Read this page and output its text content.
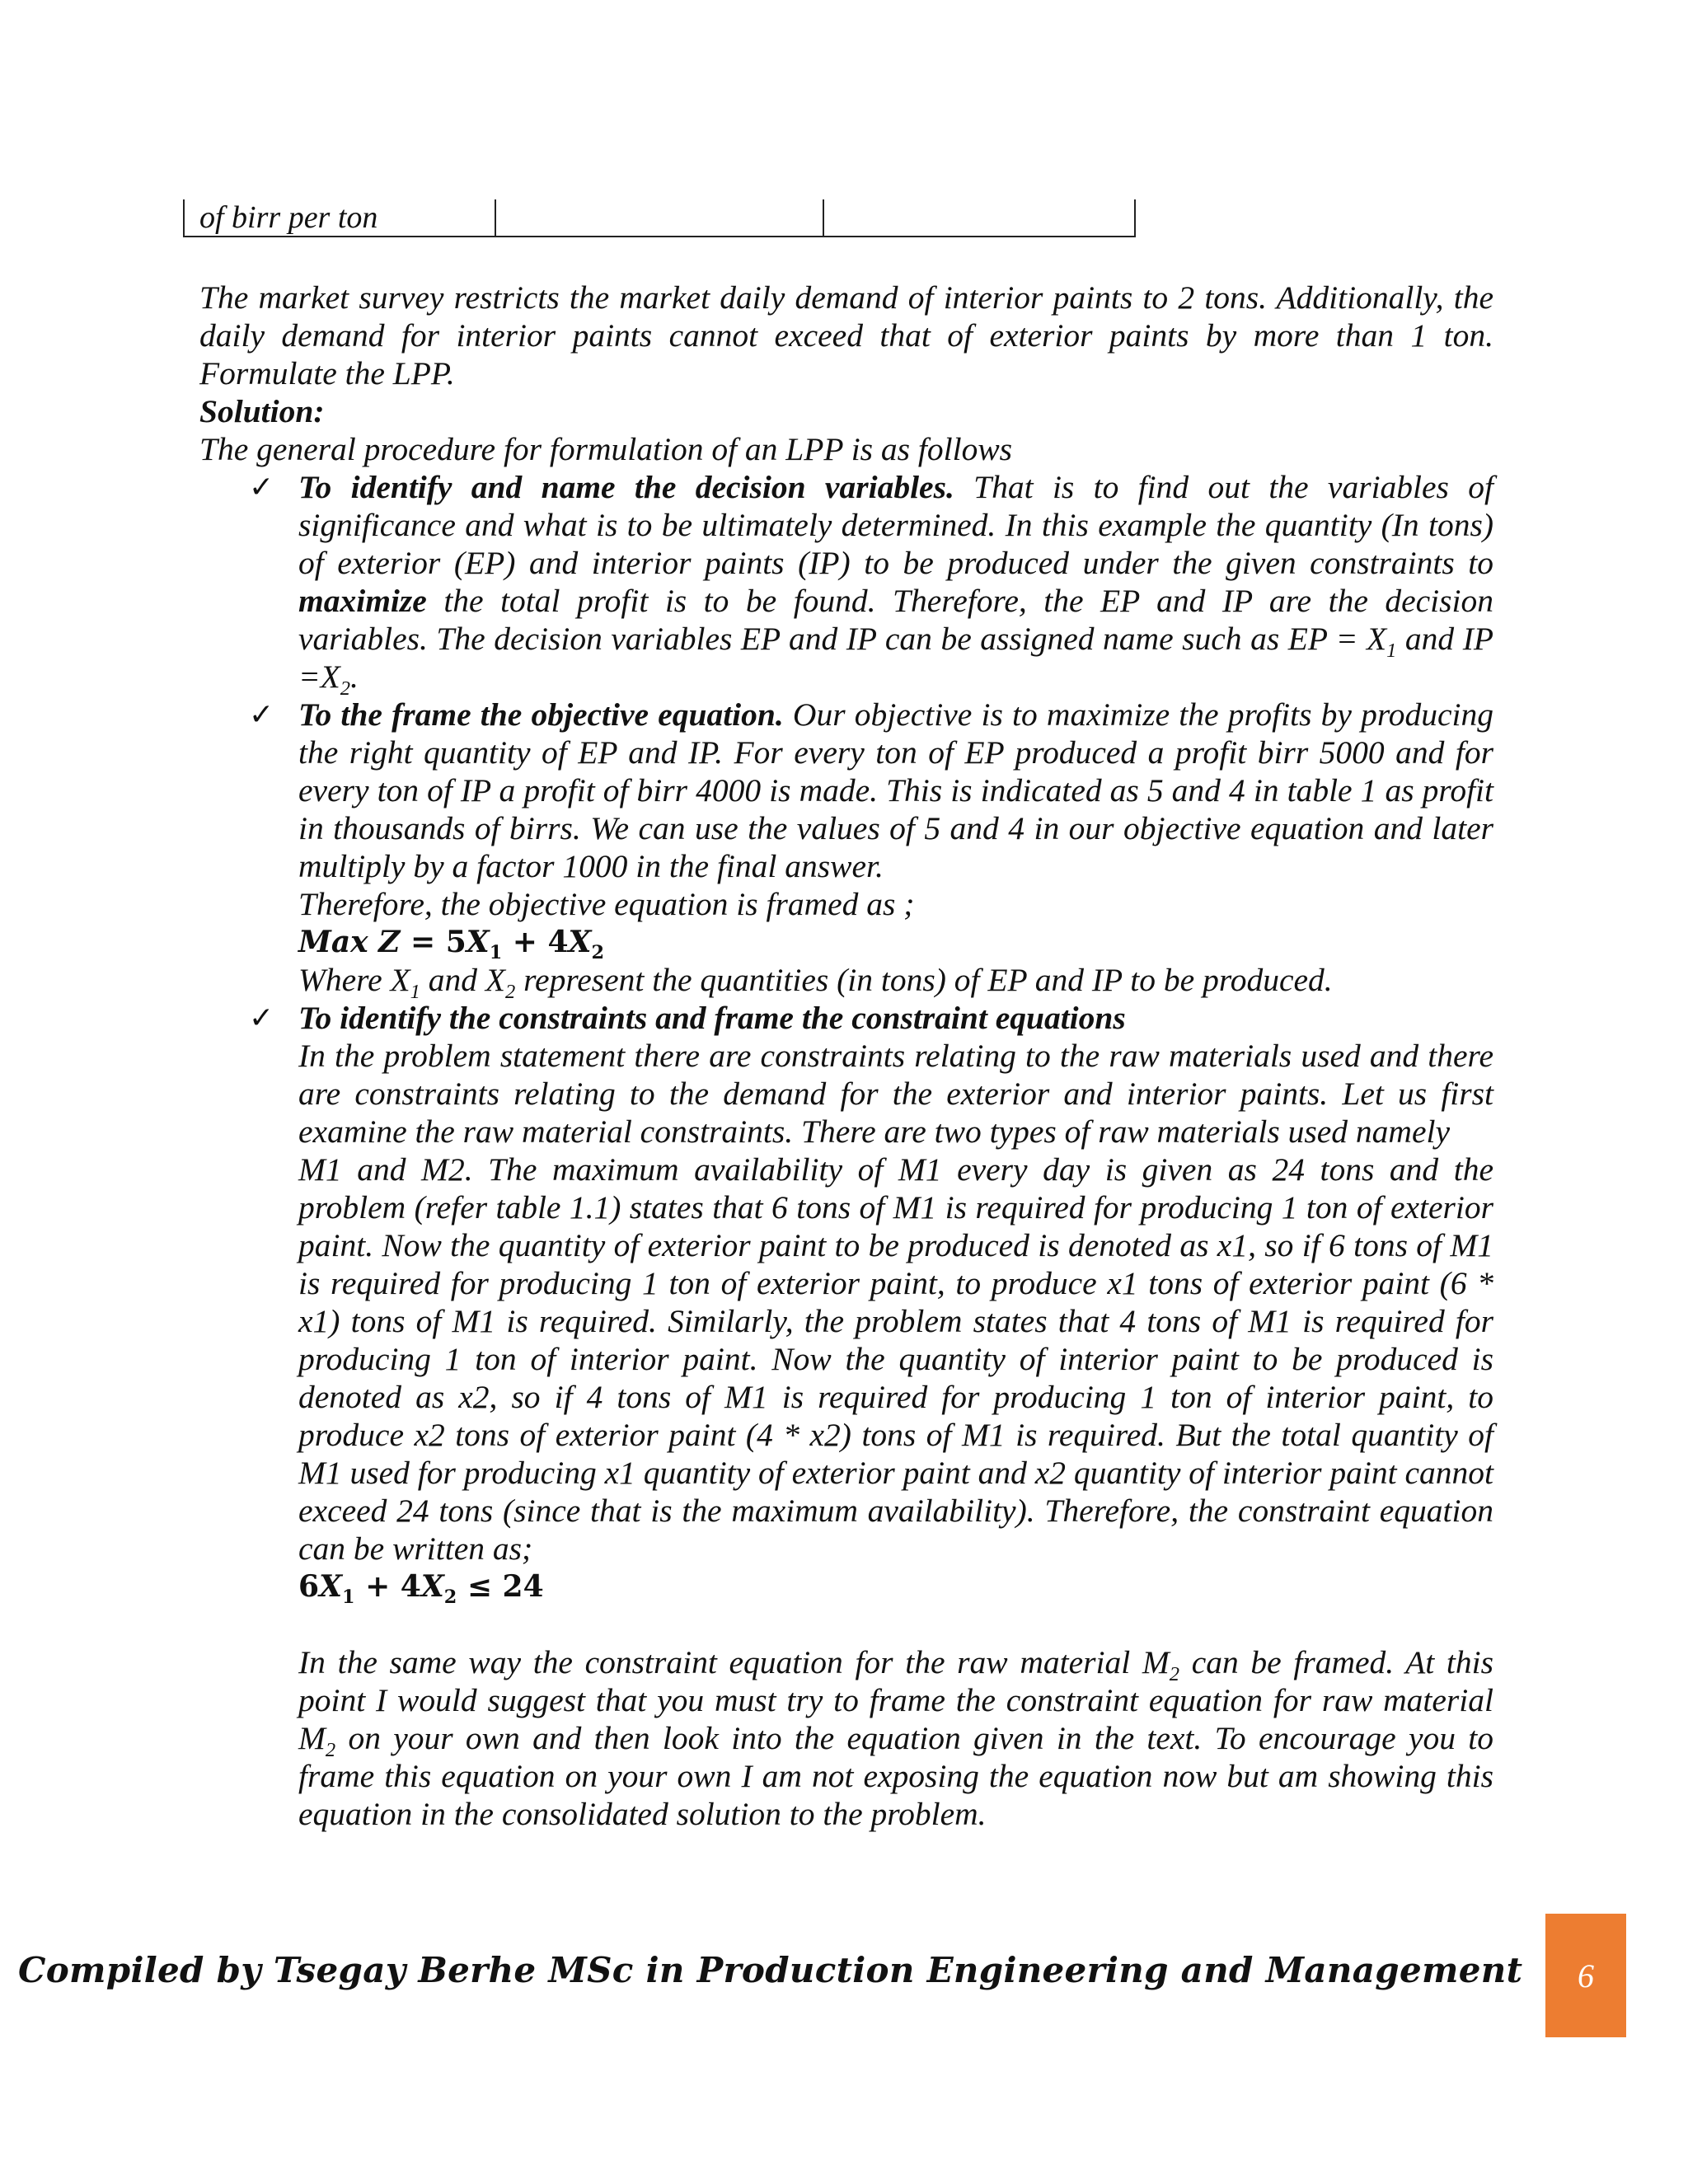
of birr per ton		

The market survey restricts the market daily demand of interior paints to 2 tons. Additionally, the daily demand for interior paints cannot exceed that of exterior paints by more than 1 ton. Formulate the LPP.

Solution:

The general procedure for formulation of an LPP is as follows

✓ To identify and name the decision variables. That is to find out the variables of significance and what is to be ultimately determined. In this example the quantity (In tons) of exterior (EP) and interior paints (IP) to be produced under the given constraints to maximize the total profit is to be found. Therefore, the EP and IP are the decision variables. The decision variables EP and IP can be assigned name such as EP = $X_1$ and IP $=X_2$.

✓ To the frame the objective equation. Our objective is to maximize the profits by producing the right quantity of EP and IP. For every ton of EP produced a profit birr 5000 and for every ton of IP a profit of birr 4000 is made. This is indicated as 5 and 4 in table 1 as profit in thousands of birrs. We can use the values of 5 and 4 in our objective equation and later multiply by a factor 1000 in the final answer.

Therefore, the objective equation is framed as ;

Max $Z = 5X_1 + 4X_2$

Where $X_1$ and $X_2$ represent the quantities (in tons) of EP and IP to be produced.

✓ To identify the constraints and frame the constraint equations

In the problem statement there are constraints relating to the raw materials used and there are constraints relating to the demand for the exterior and interior paints. Let us first examine the raw material constraints. There are two types of raw materials used namely

M1 and M2. The maximum availability of M1 every day is given as 24 tons and the problem (refer table 1.1) states that 6 tons of M1 is required for producing 1 ton of exterior paint. Now the quantity of exterior paint to be produced is denoted as x1, so if 6 tons of M1 is required for producing 1 ton of exterior paint, to produce x1 tons of exterior paint (6 * x1) tons of M1 is required. Similarly, the problem states that 4 tons of M1 is required for producing 1 ton of interior paint. Now the quantity of interior paint to be produced is denoted as x2, so if 4 tons of M1 is required for producing 1 ton of interior paint, to produce x2 tons of exterior paint (4 * x2) tons of M1 is required. But the total quantity of M1 used for producing x1 quantity of exterior paint and x2 quantity of interior paint cannot exceed 24 tons (since that is the maximum availability). Therefore, the constraint equation can be written as;

$6X_1 + 4X_2 \le 24$

In the same way the constraint equation for the raw material $M_2$ can be framed. At this point I would suggest that you must try to frame the constraint equation for raw material $M_2$ on your own and then look into the equation given in the text. To encourage you to frame this equation on your own I am not exposing the equation now but am showing this equation in the consolidated solution to the problem.

Compiled by Tsegay Berhe MSc in Production Engineering and Management 6
